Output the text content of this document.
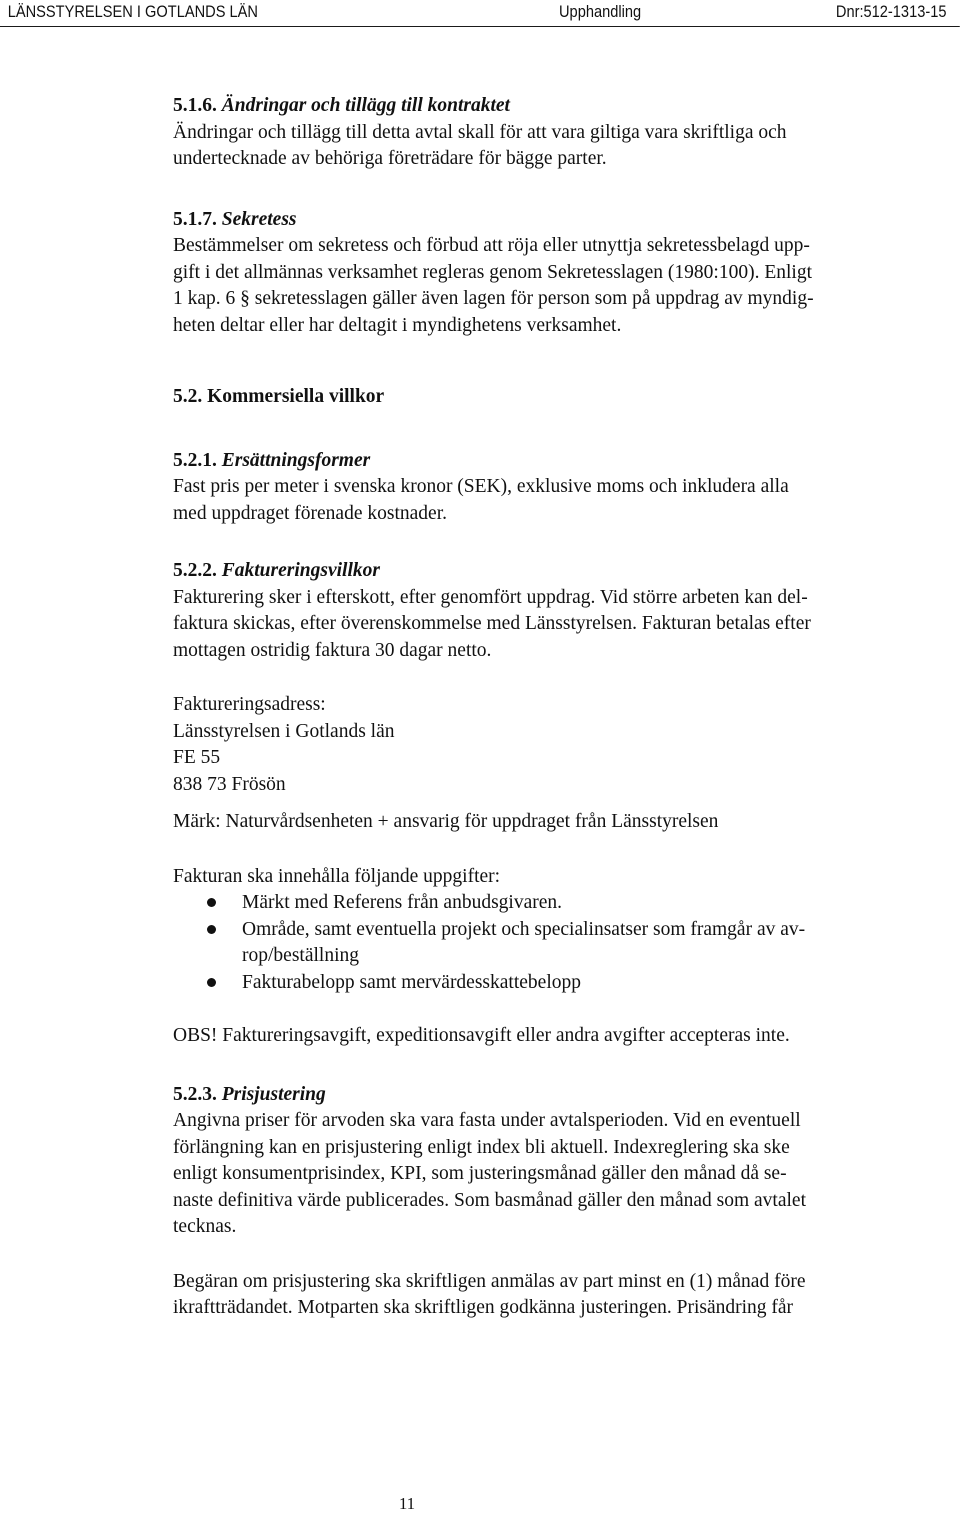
LÄNSSTYRELSEN I GOTLANDS LÄN	Upphandling	Dnr:512-1313-15

5.1.6. Ändringar och tillägg till kontraktet

Ändringar och tillägg till detta avtal skall för att vara giltiga vara skriftliga och

undertecknade av behöriga företrädare för bägge parter.

5.1.7. Sekretess

Bestämmelser om sekretess och förbud att röja eller utnyttja sekretessbelagd upp-

gift i det allmännas verksamhet regleras genom Sekretesslagen (1980:100). Enligt

1 kap. 6 § sekretesslagen gäller även lagen för person som på uppdrag av myndig-

heten deltar eller har deltagit i myndighetens verksamhet.

5.2. Kommersiella villkor

5.2.1. Ersättningsformer

Fast pris per meter i svenska kronor (SEK), exklusive moms och inkludera alla

med uppdraget förenade kostnader.

5.2.2. Faktureringsvillkor

Fakturering sker i efterskott, efter genomfört uppdrag. Vid större arbeten kan del-

faktura skickas, efter överenskommelse med Länsstyrelsen. Fakturan betalas efter

mottagen ostridig faktura 30 dagar netto.

Faktureringsadress:

Länsstyrelsen i Gotlands län

FE 55

838 73 Frösön

Märk: Naturvårdsenheten + ansvarig för uppdraget från Länsstyrelsen

Fakturan ska innehålla följande uppgifter:

Märkt med Referens från anbudsgivaren.
Område, samt eventuella projekt och specialinsatser som framgår av av-
rop/beställning
Fakturabelopp samt mervärdesskattebelopp

OBS! Faktureringsavgift, expeditionsavgift eller andra avgifter accepteras inte.

5.2.3. Prisjustering

Angivna priser för arvoden ska vara fasta under avtalsperioden. Vid en eventuell

förlängning kan en prisjustering enligt index bli aktuell. Indexreglering ska ske

enligt konsumentprisindex, KPI, som justeringsmånad gäller den månad då se-

naste definitiva värde publicerades. Som basmånad gäller den månad som avtalet

tecknas.

Begäran om prisjustering ska skriftligen anmälas av part minst en (1) månad före

ikraftträdandet. Motparten ska skriftligen godkänna justeringen. Prisändring får

11
